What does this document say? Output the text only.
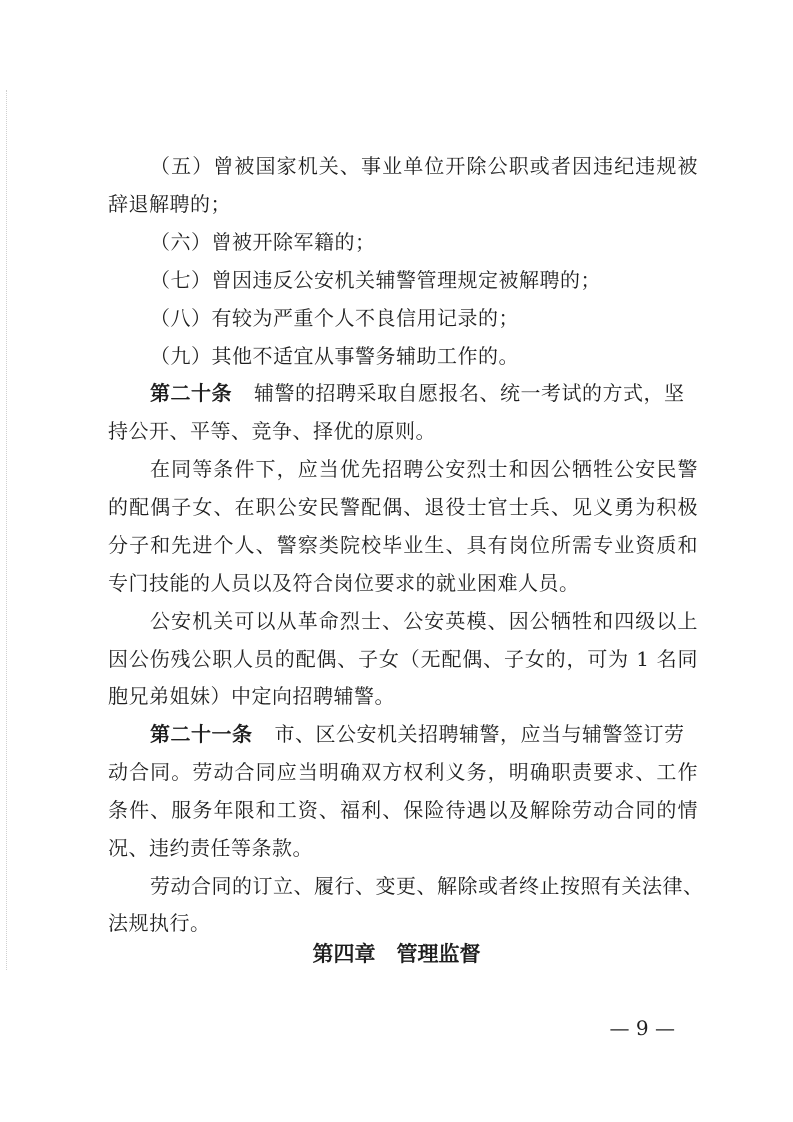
（五）曾被国家机关、事业单位开除公职或者因违纪违规被
辞退解聘的；
（六）曾被开除军籍的；
（七）曾因违反公安机关辅警管理规定被解聘的；
（八）有较为严重个人不良信用记录的；
（九）其他不适宜从事警务辅助工作的。
第二十条 辅警的招聘采取自愿报名、统一考试的方式，坚
持公开、平等、竞争、择优的原则。
在同等条件下，应当优先招聘公安烈士和因公牺牲公安民警
的配偶子女、在职公安民警配偶、退役士官士兵、见义勇为积极
分子和先进个人、警察类院校毕业生、具有岗位所需专业资质和
专门技能的人员以及符合岗位要求的就业困难人员。
公安机关可以从革命烈士、公安英模、因公牺牲和四级以上
因公伤残公职人员的配偶、子女（无配偶、子女的，可为 1 名同
胞兄弟姐妹）中定向招聘辅警。
第二十一条 市、区公安机关招聘辅警，应当与辅警签订劳
动合同。劳动合同应当明确双方权利义务，明确职责要求、工作
条件、服务年限和工资、福利、保险待遇以及解除劳动合同的情
况、违约责任等条款。
劳动合同的订立、履行、变更、解除或者终止按照有关法律、
法规执行。
第四章　管理监督
— 9 —
